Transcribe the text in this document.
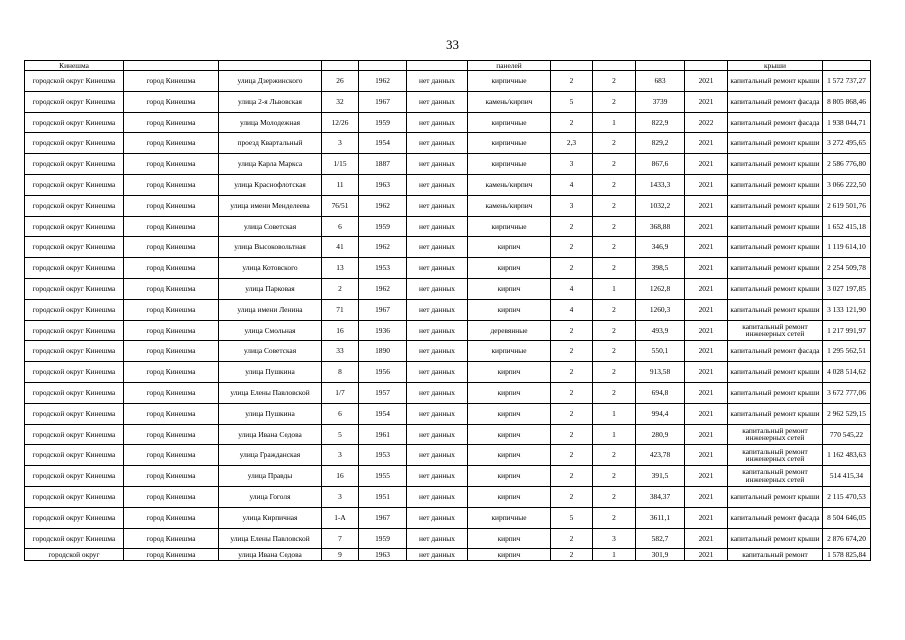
33
Кинешма						панелей					крыши	
городской округ Кинешма	город Кинешма	улица Дзержинского	26	1962	нет данных	кирпичные	2	2	683	2021	капитальный ремонт крыши	1 572 737,27
городской округ Кинешма	город Кинешма	улица 2-я Львовская	32	1967	нет данных	камень/кирпич	5	2	3739	2021	капитальный ремонт фасада	8 805 868,46
городской округ Кинешма	город Кинешма	улица Молодежная	12/26	1959	нет данных	кирпичные	2	1	822,9	2022	капитальный ремонт фасада	1 938 044,71
городской округ Кинешма	город Кинешма	проезд Квартальный	3	1954	нет данных	кирпичные	2,3	2	829,2	2021	капитальный ремонт крыши	3 272 495,65
городской округ Кинешма	город Кинешма	улица Карла Маркса	1/15	1887	нет данных	кирпичные	3	2	867,6	2021	капитальный ремонт крыши	2 586 776,80
городской округ Кинешма	город Кинешма	улица Краснофлотская	11	1963	нет данных	камень/кирпич	4	2	1433,3	2021	капитальный ремонт крыши	3 066 222,50
городской округ Кинешма	город Кинешма	улица имени Менделеева	76/51	1962	нет данных	камень/кирпич	3	2	1032,2	2021	капитальный ремонт крыши	2 619 501,76
городской округ Кинешма	город Кинешма	улица Советская	6	1959	нет данных	кирпичные	2	2	368,88	2021	капитальный ремонт крыши	1 652 415,18
городской округ Кинешма	город Кинешма	улица Высоковольтная	41	1962	нет данных	кирпич	2	2	346,9	2021	капитальный ремонт крыши	1 119 614,10
городской округ Кинешма	город Кинешма	улица Котовского	13	1953	нет данных	кирпич	2	2	398,5	2021	капитальный ремонт крыши	2 254 509,78
городской округ Кинешма	город Кинешма	улица Парковая	2	1962	нет данных	кирпич	4	1	1262,8	2021	капитальный ремонт крыши	3 027 197,85
городской округ Кинешма	город Кинешма	улица имени Ленина	71	1967	нет данных	кирпич	4	2	1260,3	2021	капитальный ремонт крыши	3 133 121,90
городской округ Кинешма	город Кинешма	улица Смольная	16	1936	нет данных	деревянные	2	2	493,9	2021	капитальный ремонт инженерных сетей	1 217 991,97
городской округ Кинешма	город Кинешма	улица Советская	33	1890	нет данных	кирпичные	2	2	550,1	2021	капитальный ремонт фасада	1 295 562,51
городской округ Кинешма	город Кинешма	улица Пушкина	8	1956	нет данных	кирпич	2	2	913,58	2021	капитальный ремонт крыши	4 028 514,62
городской округ Кинешма	город Кинешма	улица Елены Павловской	1/7	1957	нет данных	кирпич	2	2	694,8	2021	капитальный ремонт крыши	3 672 777,06
городской округ Кинешма	город Кинешма	улица Пушкина	6	1954	нет данных	кирпич	2	1	994,4	2021	капитальный ремонт крыши	2 962 529,15
городской округ Кинешма	город Кинешма	улица Ивана Седова	5	1961	нет данных	кирпич	2	1	280,9	2021	капитальный ремонт инженерных сетей	770 545,22
городской округ Кинешма	город Кинешма	улица Гражданская	3	1953	нет данных	кирпич	2	2	423,78	2021	капитальный ремонт инженерных сетей	1 162 483,63
городской округ Кинешма	город Кинешма	улица Правды	16	1955	нет данных	кирпич	2	2	391,5	2021	капитальный ремонт инженерных сетей	514 415,34
городской округ Кинешма	город Кинешма	улица Гоголя	3	1951	нет данных	кирпич	2	2	384,37	2021	капитальный ремонт крыши	2 115 470,53
городской округ Кинешма	город Кинешма	улица Кирпичная	1-А	1967	нет данных	кирпичные	5	2	3611,1	2021	капитальный ремонт фасада	8 504 646,05
городской округ Кинешма	город Кинешма	улица Елены Павловской	7	1959	нет данных	кирпич	2	3	582,7	2021	капитальный ремонт крыши	2 876 674,20
городской округ	город Кинешма	улица Ивана Седова	9	1963	нет данных	кирпич	2	1	301,9	2021	капитальный ремонт	1 578 825,84
